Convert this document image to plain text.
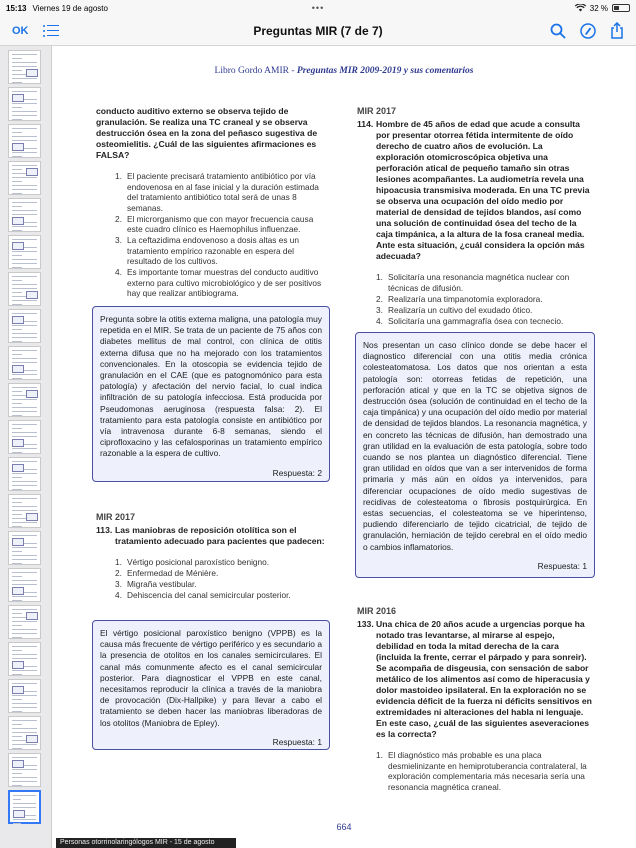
15:13 Viernes 19 de agosto	•••	32 %
OK	Preguntas MIR (7 de 7)
Libro Gordo AMIR - Preguntas MIR 2009-2019 y sus comentarios
conducto auditivo externo se observa tejido de granulación. Se realiza una TC craneal y se observa destrucción ósea en la zona del peñasco sugestiva de osteomielitis. ¿Cuál de las siguientes afirmaciones es FALSA?
1. El paciente precisará tratamiento antibiótico por vía endovenosa en al fase inicial y la duración estimada del tratamiento antibiótico total será de unas 8 semanas.
2. El microrganismo que con mayor frecuencia causa este cuadro clínico es Haemophilus influenzae.
3. La ceftazidima endovenoso a dosis altas es un tratamiento empírico razonable en espera del resultado de los cultivos.
4. Es importante tomar muestras del conducto auditivo externo para cultivo microbiológico y de ser positivos hay que realizar antibiograma.
Pregunta sobre la otitis externa maligna, una patología muy repetida en el MIR. Se trata de un paciente de 75 años con diabetes mellitus de mal control, con clínica de otitis externa difusa que no ha mejorado con los tratamientos convencionales. En la otoscopia se evidencia tejido de granulación en el CAE (que es patognomónico para esta patología) y afectación del nervio facial, lo cual indica infiltración de su patología infecciosa. Está producida por Pseudomonas aeruginosa (respuesta falsa: 2). El tratamiento para esta patología consiste en antibiótico por vía intravenosa durante 6-8 semanas, siendo el ciprofloxacino y las cefalosporinas un tratamiento empírico razonable a la espera de cultivo.
Respuesta: 2
MIR 2017
113. Las maniobras de reposición otolítica son el tratamiento adecuado para pacientes que padecen:
1. Vértigo posicional paroxístico benigno.
2. Enfermedad de Ménière.
3. Migraña vestibular.
4. Dehiscencia del canal semicircular posterior.
El vértigo posicional paroxístico benigno (VPPB) es la causa más frecuente de vértigo periférico y es secundario a la presencia de otolitos en los canales semicirculares. El canal más comunmente afecto es el canal semicircular posterior. Para diagnosticar el VPPB en este canal, necesitamos reproducir la clínica a través de la maniobra de provocación (Dix-Hallpike) y para llevar a cabo el tratamiento se deben hacer las maniobras liberadoras de los otolitos (Maniobra de Epley).
Respuesta: 1
MIR 2017
114. Hombre de 45 años de edad que acude a consulta por presentar otorrea fétida intermitente de oído derecho de cuatro años de evolución. La exploración otomicroscópica objetiva una perforación atical de pequeño tamaño sin otras lesiones acompañantes. La audiometría revela una hipoacusia transmisiva moderada. En una TC previa se observa una ocupación del oído medio por material de densidad de tejidos blandos, así como una solución de continuidad ósea del techo de la caja timpánica, a la altura de la fosa craneal media. Ante esta situación, ¿cuál considera la opción más adecuada?
1. Solicitaría una resonancia magnética nuclear con técnicas de difusión.
2. Realizaría una timpanotomía exploradora.
3. Realizaría un cultivo del exudado ótico.
4. Solicitaría una gammagrafía ósea con tecnecio.
Nos presentan un caso clínico donde se debe hacer el diagnostico diferencial con una otitis media crónica colesteatomatosa. Los datos que nos orientan a esta patología son: otorreas fetidas de repetición, una perforación atical y que en la TC se objetiva signos de destrucción ósea (solución de continuidad en el techo de la caja timpánica) y una ocupación del oído medio por material de densidad de tejidos blandos. La resonancia magnética, y en concreto las técnicas de difusión, han demostrado una gran utilidad en la evaluación de esta patología, sobre todo cuando se nos plantea un diagnóstico diferencial. Tiene gran utilidad en oídos que van a ser intervenidos de forma primaria y más aún en oídos ya intervenidos, para diferenciar ocupaciones de oído medio sugestivas de recidivas de colesteatoma o fibrosis postquirúrgica. En estas secuencias, el colesteatoma se ve hiperintenso, pudiendo diferenciarlo de tejido cicatricial, de tejido de granulación, herniación de tejido cerebral en el oído medio o cambios inflamatorios.
Respuesta: 1
MIR 2016
133. Una chica de 20 años acude a urgencias porque ha notado tras levantarse, al mirarse al espejo, debilidad en toda la mitad derecha de la cara (incluida la frente, cerrar el párpado y para sonreir). Se acompaña de disgeusia, con sensación de sabor metálico de los alimentos así como de hiperacusia y dolor mastoideo ipsilateral. En la exploración no se evidencia déficit de la fuerza ni déficits sensitivos en extremidades ni alteraciones del habla ni lenguaje. En este caso, ¿cuál de las siguientes aseveraciones es la correcta?
1. El diagnóstico más probable es una placa desmielinizante en hemiprotuberancia contralateral, la exploración complementaria más necesaria sería una resonancia magnética craneal.
664
Personas otorrinolaringólogos MIR - 15 de agosto
